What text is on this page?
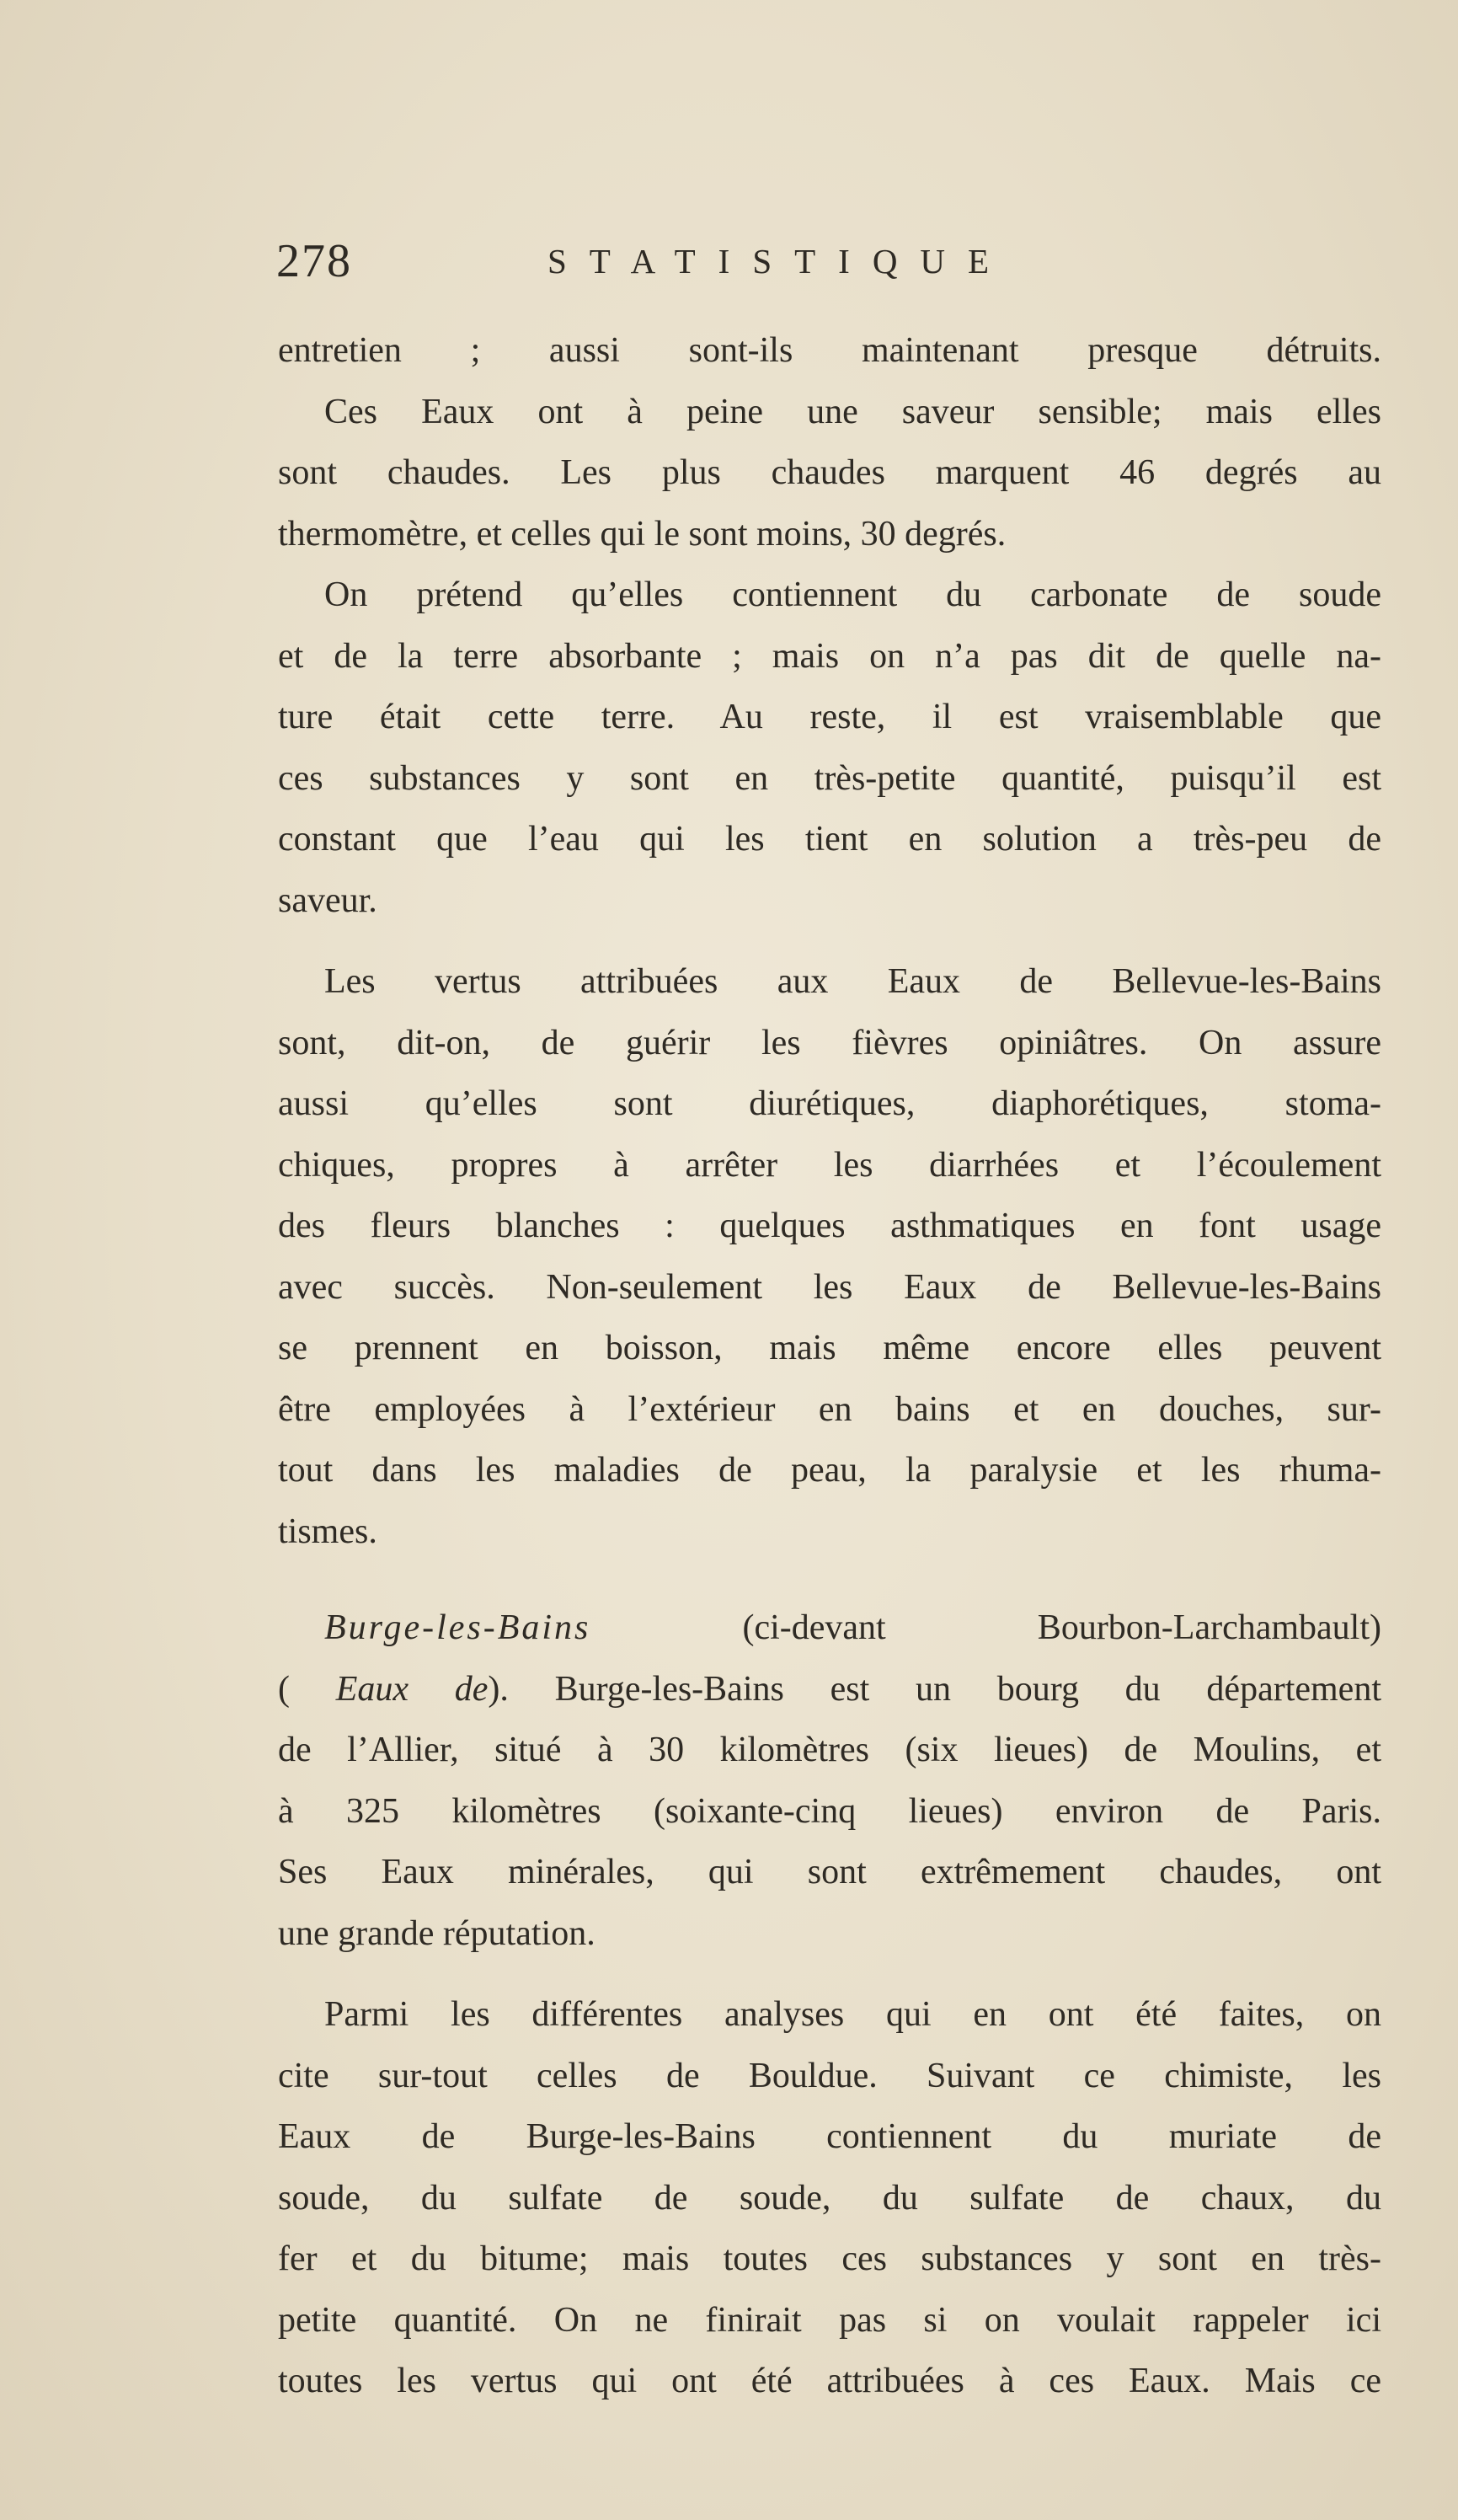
278	STATISTIQUE
entretien ; aussi sont-ils maintenant presque détruits.
Ces Eaux ont à peine une saveur sensible; mais elles
sont chaudes. Les plus chaudes marquent 46 degrés au
thermomètre, et celles qui le sont moins, 30 degrés.
On prétend qu’elles contiennent du carbonate de soude
et de la terre absorbante ; mais on n’a pas dit de quelle na-
ture était cette terre. Au reste, il est vraisemblable que
ces substances y sont en très-petite quantité, puisqu’il est
constant que l’eau qui les tient en solution a très-peu de
saveur.
Les vertus attribuées aux Eaux de Bellevue-les-Bains
sont, dit-on, de guérir les fièvres opiniâtres. On assure
aussi qu’elles sont diurétiques, diaphorétiques, stoma-
chiques, propres à arrêter les diarrhées et l’écoulement
des fleurs blanches : quelques asthmatiques en font usage
avec succès. Non-seulement les Eaux de Bellevue-les-Bains
se prennent en boisson, mais même encore elles peuvent
être employées à l’extérieur en bains et en douches, sur-
tout dans les maladies de peau, la paralysie et les rhuma-
tismes.
Burge-les-Bains	(ci-devant Bourbon-Larchambault)
( Eaux de). Burge-les-Bains est un bourg du département
de l’Allier, situé à 30 kilomètres (six lieues) de Moulins, et
à 325 kilomètres (soixante-cinq lieues) environ de Paris.
Ses Eaux minérales, qui sont extrêmement chaudes, ont
une grande réputation.
Parmi les différentes analyses qui en ont été faites, on
cite sur-tout celles de Bouldue. Suivant ce chimiste, les
Eaux de Burge-les-Bains contiennent du muriate de
soude, du sulfate de soude, du sulfate de chaux, du
fer et du bitume; mais toutes ces substances y sont en très-
petite quantité. On ne finirait pas si on voulait rappeler ici
toutes les vertus qui ont été attribuées à ces Eaux. Mais ce
